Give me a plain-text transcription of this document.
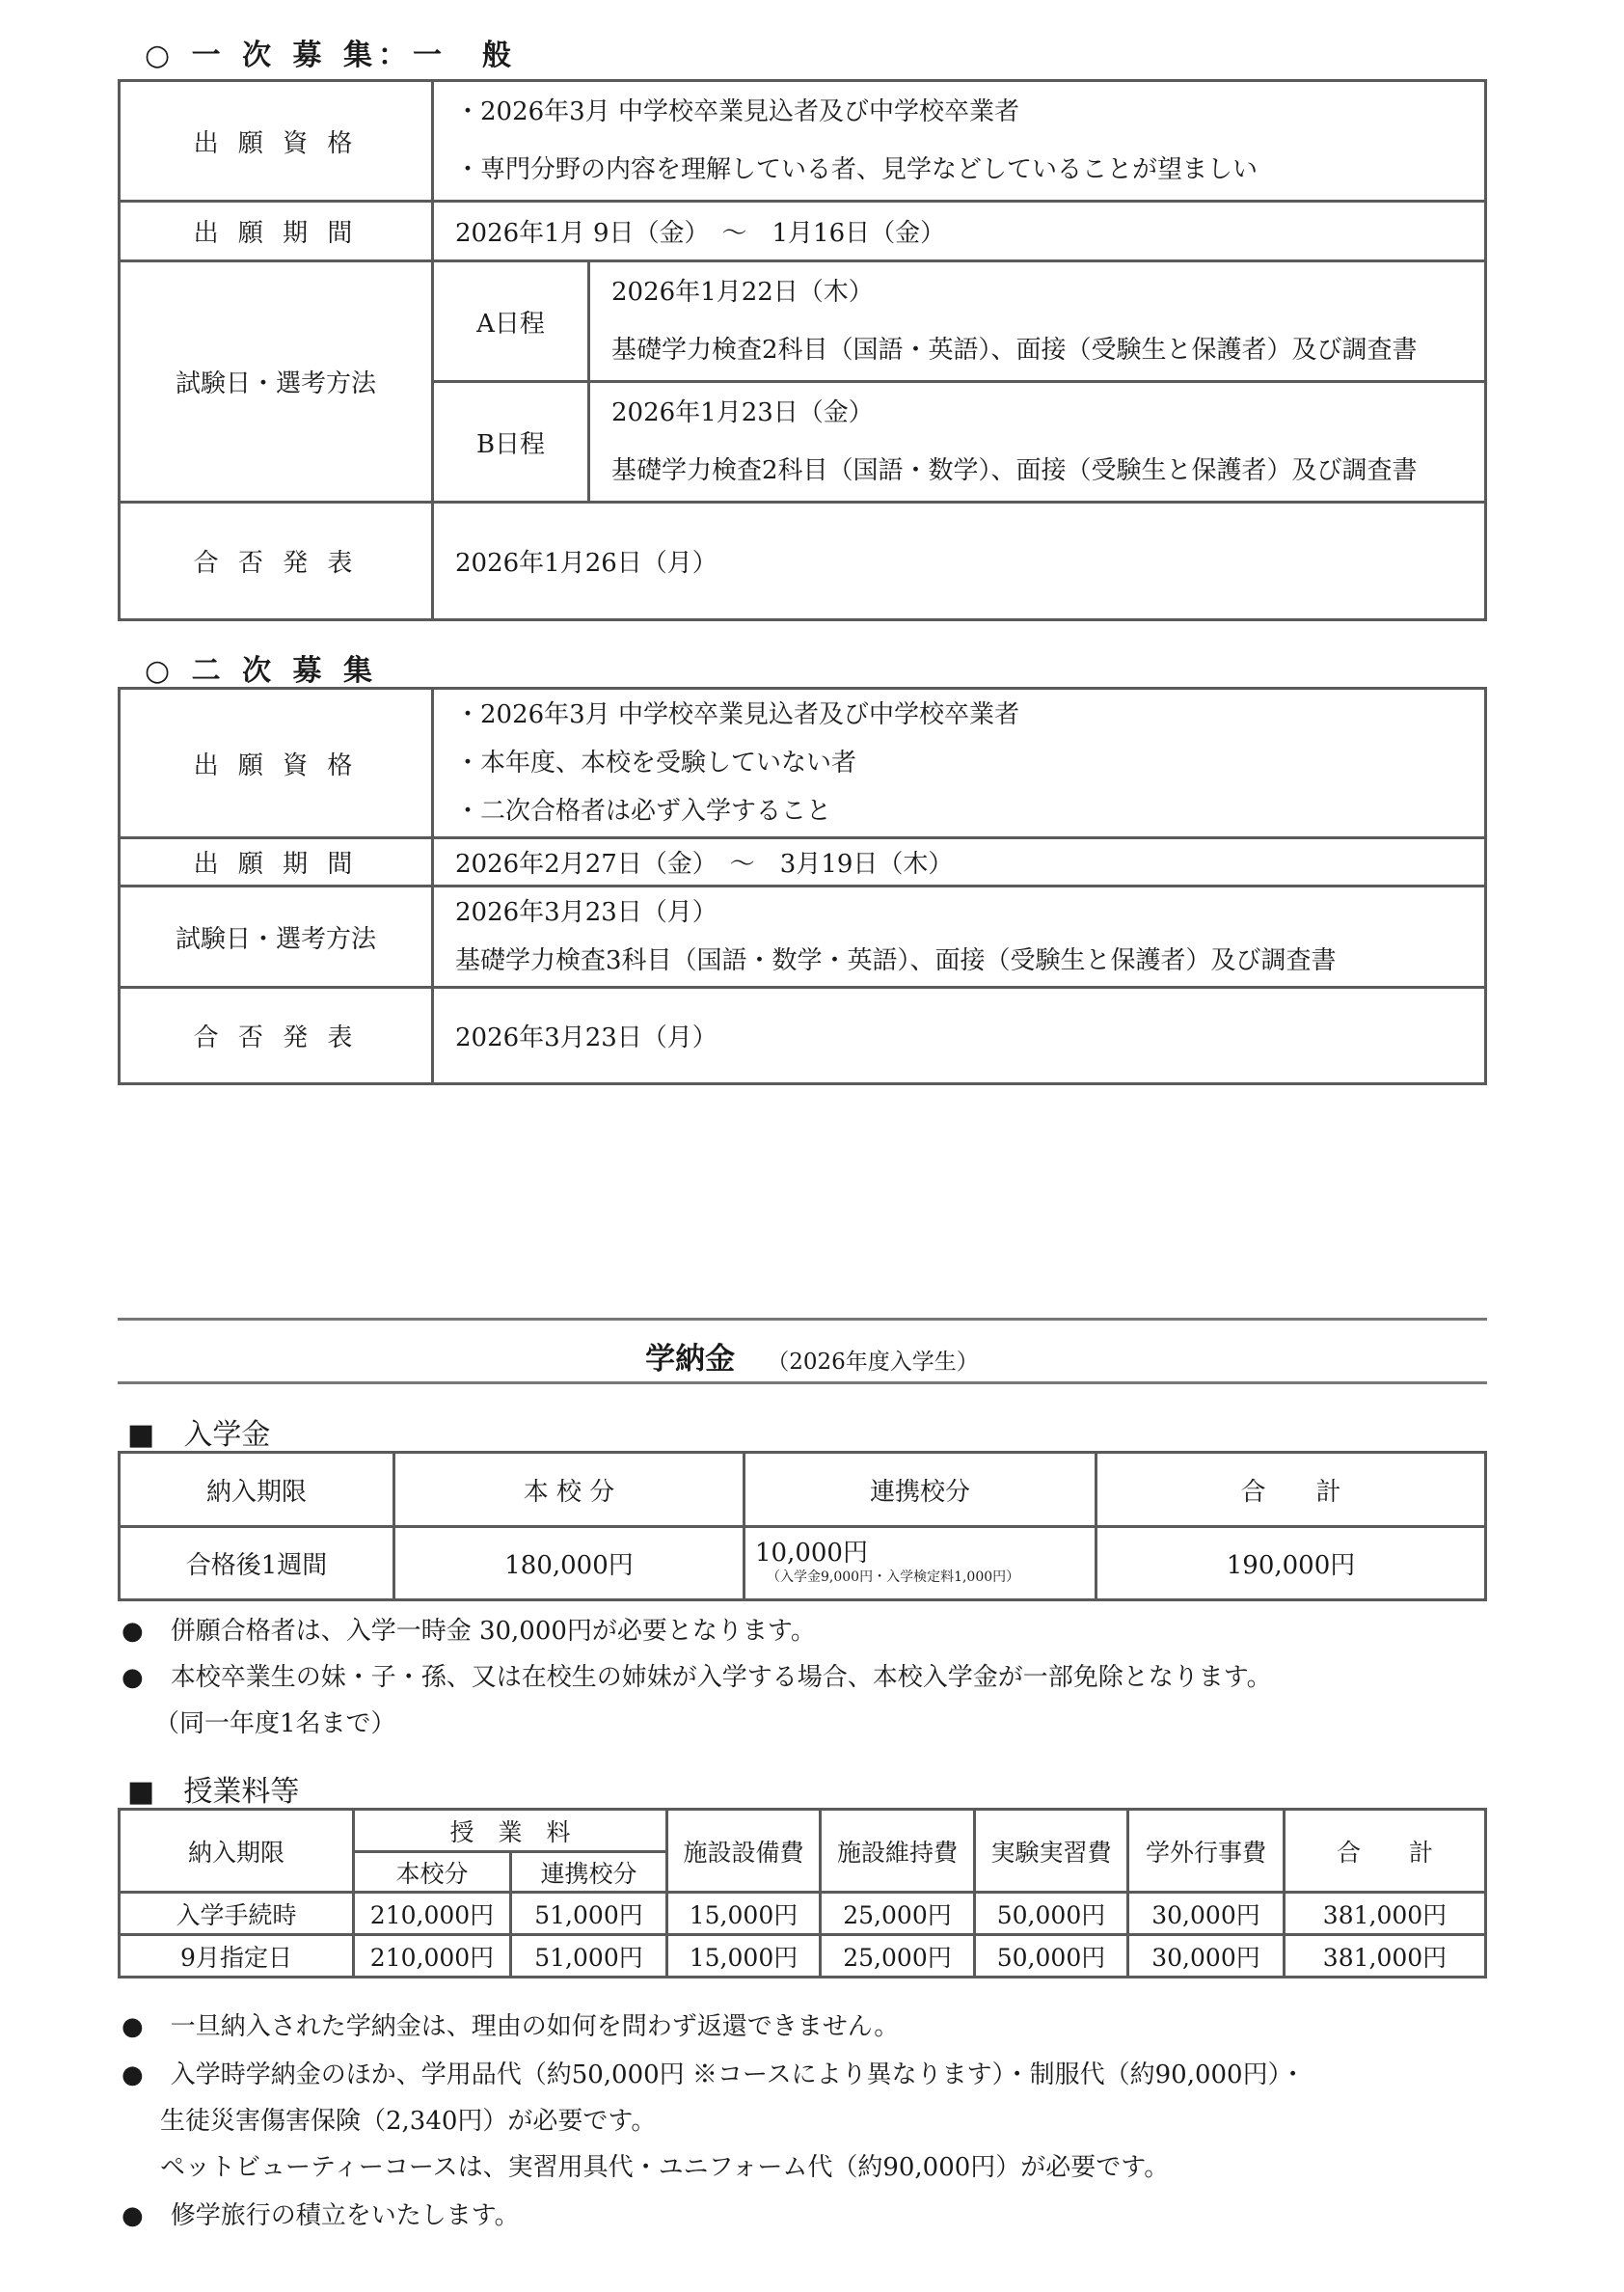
○ 一 次 募 集：一　般
出 願 資 格	・2026年3月 中学校卒業見込者及び中学校卒業者
・専門分野の内容を理解している者、見学などしていることが望ましい	

出 願 期 間	2026年1月 9日（金）　～　1月16日（金）	
試験日・選考方法	A日程	2026年1月22日（木）
基礎学力検査2科目（国語・英語）、面接（受験生と保護者）及び調査書

	B日程	2026年1月23日（金）
基礎学力検査2科目（国語・数学）、面接（受験生と保護者）及び調査書

合 否 発 表	2026年1月26日（月）	
○ 二 次 募 集
出 願 資 格	・2026年3月 中学校卒業見込者及び中学校卒業者
・本年度、本校を受験していない者
・二次合格者は必ず入学すること

出 願 期 間	2026年2月27日（金）　～　3月19日（木）
試験日・選考方法	2026年3月23日（月）
基礎学力検査3科目（国語・数学・英語）、面接（受験生と保護者）及び調査書

合 否 発 表	2026年3月23日（月）
学納金 （2026年度入学生）
■　入学金
納入期限	本 校 分	連携校分	合　　計
合格後1週間	180,000円	10,000円
（入学金9,000円・入学検定料1,000円）	190,000円
● 併願合格者は、入学一時金 30,000円が必要となります。
● 本校卒業生の妹・子・孫、又は在校生の姉妹が入学する場合、本校入学金が一部免除となります。
（同一年度1名まで）
■　授業料等
納入期限	授　業　料		施設設備費	施設維持費	実験実習費	学外行事費	合　　計
	本校分	連携校分					
入学手続時	210,000円	51,000円	15,000円	25,000円	50,000円	30,000円	381,000円
9月指定日	210,000円	51,000円	15,000円	25,000円	50,000円	30,000円	381,000円
● 一旦納入された学納金は、理由の如何を問わず返還できません。
● 入学時学納金のほか、学用品代（約50,000円 ※コースにより異なります）・制服代（約90,000円）・
生徒災害傷害保険（2,340円）が必要です。
ペットビューティーコースは、実習用具代・ユニフォーム代（約90,000円）が必要です。
● 修学旅行の積立をいたします。
